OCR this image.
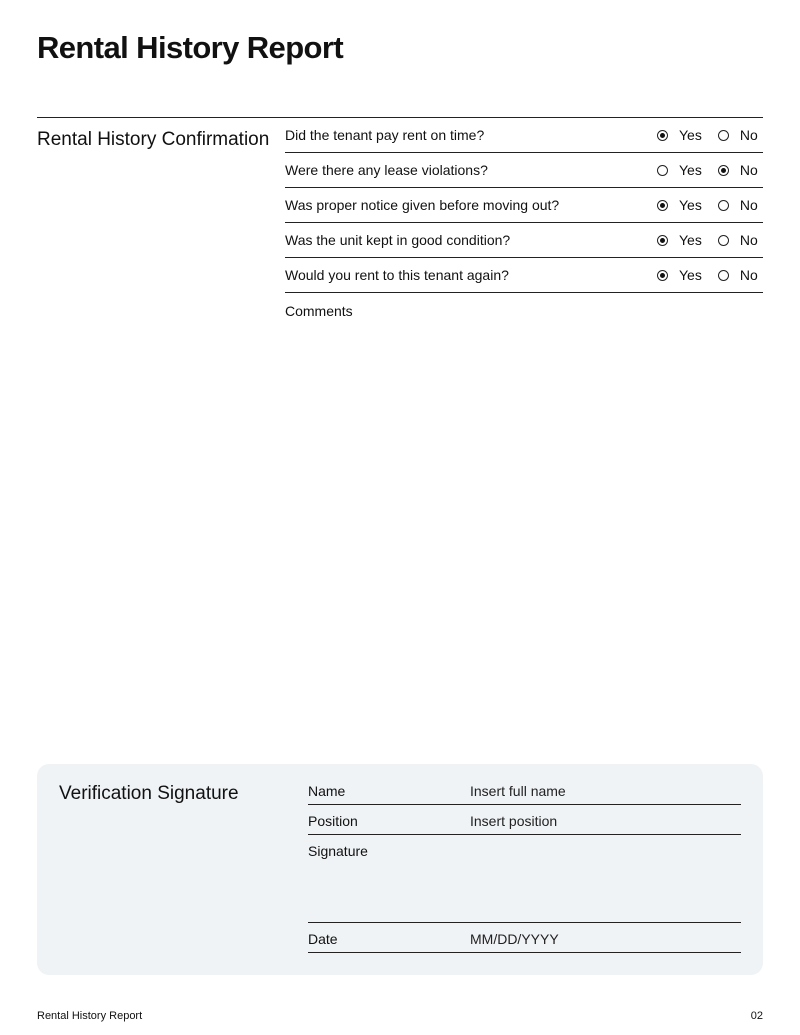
Rental History Report
Rental History Confirmation Did the tenant pay rent on time?	Yes	No
Were there any lease violations?	Yes	No
Was proper notice given before moving out?	Yes	No
Was the unit kept in good condition?	Yes	No
Would you rent to this tenant again?	Yes	No
Comments
Verification Signature	Name	Insert full name
Position	Insert position
Signature
Date	MM/DD/YYYY
Rental History Report	02
